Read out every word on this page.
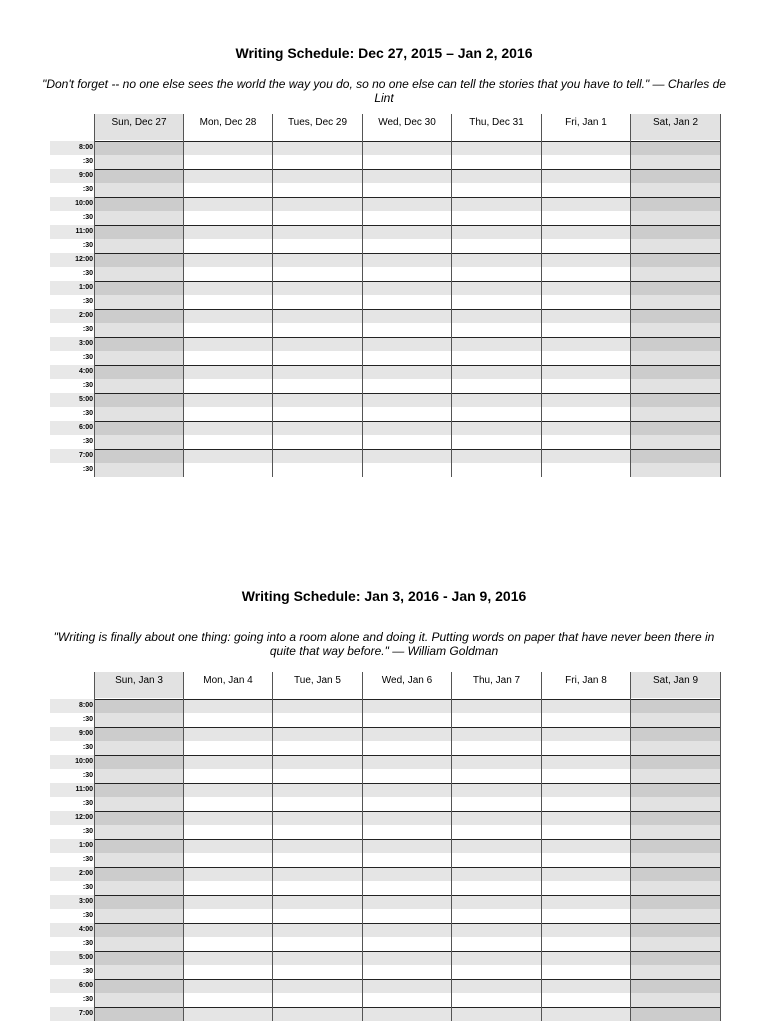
Writing Schedule: Dec 27, 2015 – Jan 2, 2016
"Don't forget -- no one else sees the world the way you do, so no one else can tell the stories that you have to tell." — Charles de Lint
Sun, Dec 27	Mon, Dec 28	Tues, Dec 29	Wed, Dec 30	Thu, Dec 31	Fri, Jan 1	Sat, Jan 2
8:00
:30
9:00
:30
10:00
:30
11:00
:30
12:00
:30
1:00
:30
2:00
:30
3:00
:30
4:00
:30
5:00
:30
6:00
:30
7:00
:30
Writing Schedule: Jan 3, 2016 - Jan 9, 2016
"Writing is finally about one thing: going into a room alone and doing it. Putting words on paper that have never been there in quite that way before." — William Goldman
Sun, Jan 3	Mon, Jan 4	Tue, Jan 5	Wed, Jan 6	Thu, Jan 7	Fri, Jan 8	Sat, Jan 9
8:00
:30
9:00
:30
10:00
:30
11:00
:30
12:00
:30
1:00
:30
2:00
:30
3:00
:30
4:00
:30
5:00
:30
6:00
:30
7:00
